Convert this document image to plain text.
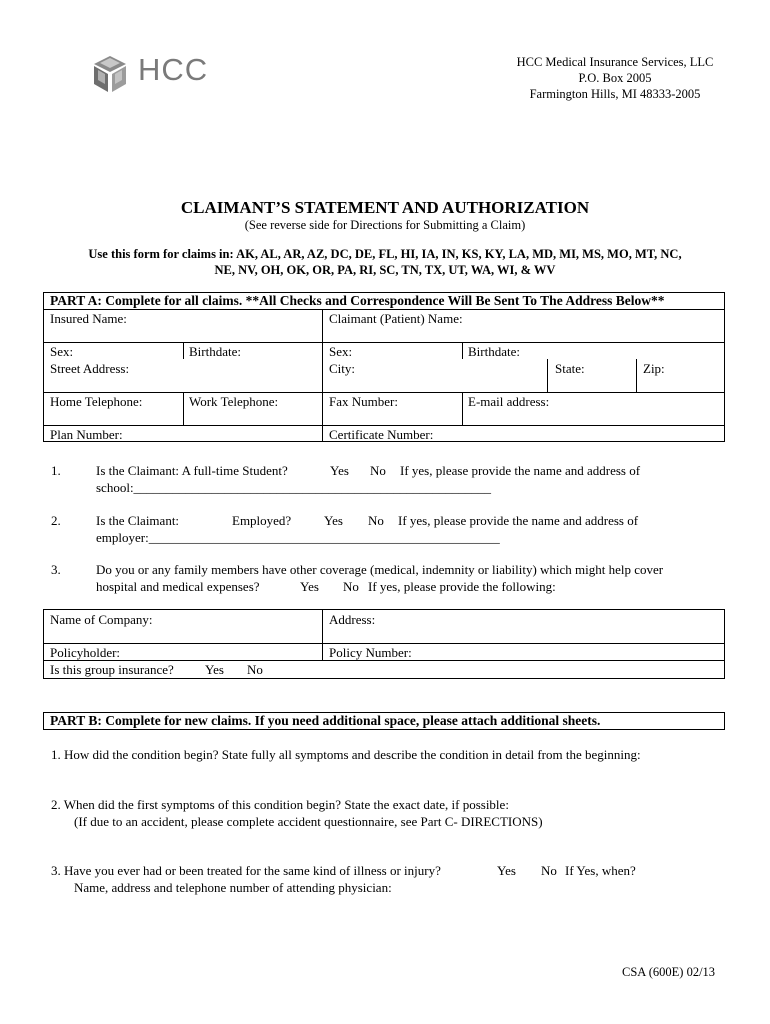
HCC	HCC Medical Insurance Services, LLC
P.O. Box 2005
Farmington Hills, MI 48333-2005
CLAIMANT’S STATEMENT AND AUTHORIZATION
(See reverse side for Directions for Submitting a Claim)
Use this form for claims in: AK, AL, AR, AZ, DC, DE, FL, HI, IA, IN, KS, KY, LA, MD, MI, MS, MO, MT, NC,
NE, NV, OH, OK, OR, PA, RI, SC, TN, TX, UT, WA, WI, & WV
PART A: Complete for all claims. **All Checks and Correspondence Will Be Sent To The Address Below**
Insured Name:	Claimant (Patient) Name:
Sex:	Birthdate:	Sex:	Birthdate:
Street Address:	City:	State:	Zip:
Home Telephone:	Work Telephone:	Fax Number:	E-mail address:
Plan Number:	Certificate Number:
1.	Is the Claimant: A full-time Student?	Yes No If yes, please provide the name and address of
school:_______________________________________________________
2.	Is the Claimant:	Employed?	Yes No If yes, please provide the name and address of
employer:______________________________________________________
3.	Do you or any family members have other coverage (medical, indemnity or liability) which might help cover
hospital and medical expenses?	Yes No If yes, please provide the following:
Name of Company:	Address:
Policyholder:	Policy Number:
Is this group insurance? Yes No
PART B: Complete for new claims. If you need additional space, please attach additional sheets.
1. How did the condition begin? State fully all symptoms and describe the condition in detail from the beginning:
2. When did the first symptoms of this condition begin? State the exact date, if possible:
(If due to an accident, please complete accident questionnaire, see Part C- DIRECTIONS)
3. Have you ever had or been treated for the same kind of illness or injury?	Yes No If Yes, when?
Name, address and telephone number of attending physician:
CSA (600E) 02/13
